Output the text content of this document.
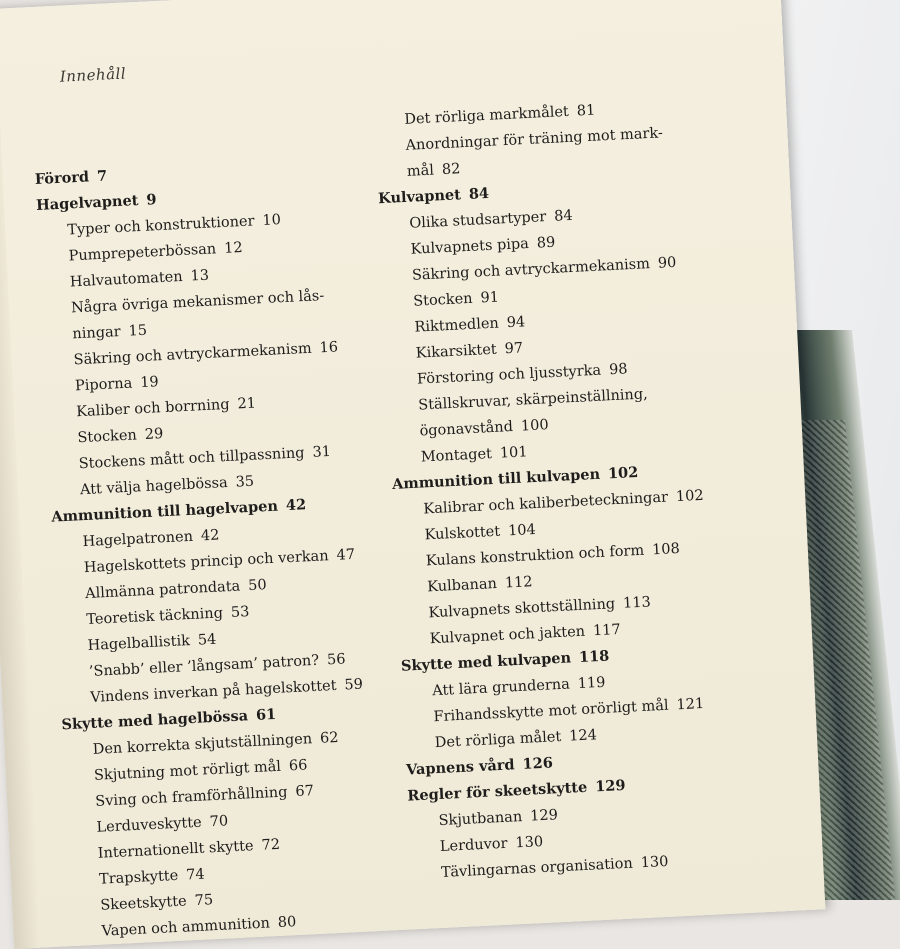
Innehåll
Förord 7
Hagelvapnet 9
Typer och konstruktioner 10
Pumprepeterbössan 12
Halvautomaten 13
Några övriga mekanismer och lås-
ningar 15
Säkring och avtryckarmekanism 16
Piporna 19
Kaliber och borrning 21
Stocken 29
Stockens mått och tillpassning 31
Att välja hagelbössa 35
Ammunition till hagelvapen 42
Hagelpatronen 42
Hagelskottets princip och verkan 47
Allmänna patrondata 50
Teoretisk täckning 53
Hagelballistik 54
’Snabb’ eller ’långsam’ patron? 56
Vindens inverkan på hagelskottet 59
Skytte med hagelbössa 61
Den korrekta skjutställningen 62
Skjutning mot rörligt mål 66
Sving och framförhållning 67
Lerduveskytte 70
Internationellt skytte 72
Trapskytte 74
Skeetskytte 75
Vapen och ammunition 80
Det rörliga markmålet 81
Anordningar för träning mot mark-
mål 82
Kulvapnet 84
Olika studsartyper 84
Kulvapnets pipa 89
Säkring och avtryckarmekanism 90
Stocken 91
Riktmedlen 94
Kikarsiktet 97
Förstoring och ljusstyrka 98
Ställskruvar, skärpeinställning,
ögonavstånd 100
Montaget 101
Ammunition till kulvapen 102
Kalibrar och kaliberbeteckningar 102
Kulskottet 104
Kulans konstruktion och form 108
Kulbanan 112
Kulvapnets skottställning 113
Kulvapnet och jakten 117
Skytte med kulvapen 118
Att lära grunderna 119
Frihandsskytte mot orörligt mål 121
Det rörliga målet 124
Vapnens vård 126
Regler för skeetskytte 129
Skjutbanan 129
Lerduvor 130
Tävlingarnas organisation 130
